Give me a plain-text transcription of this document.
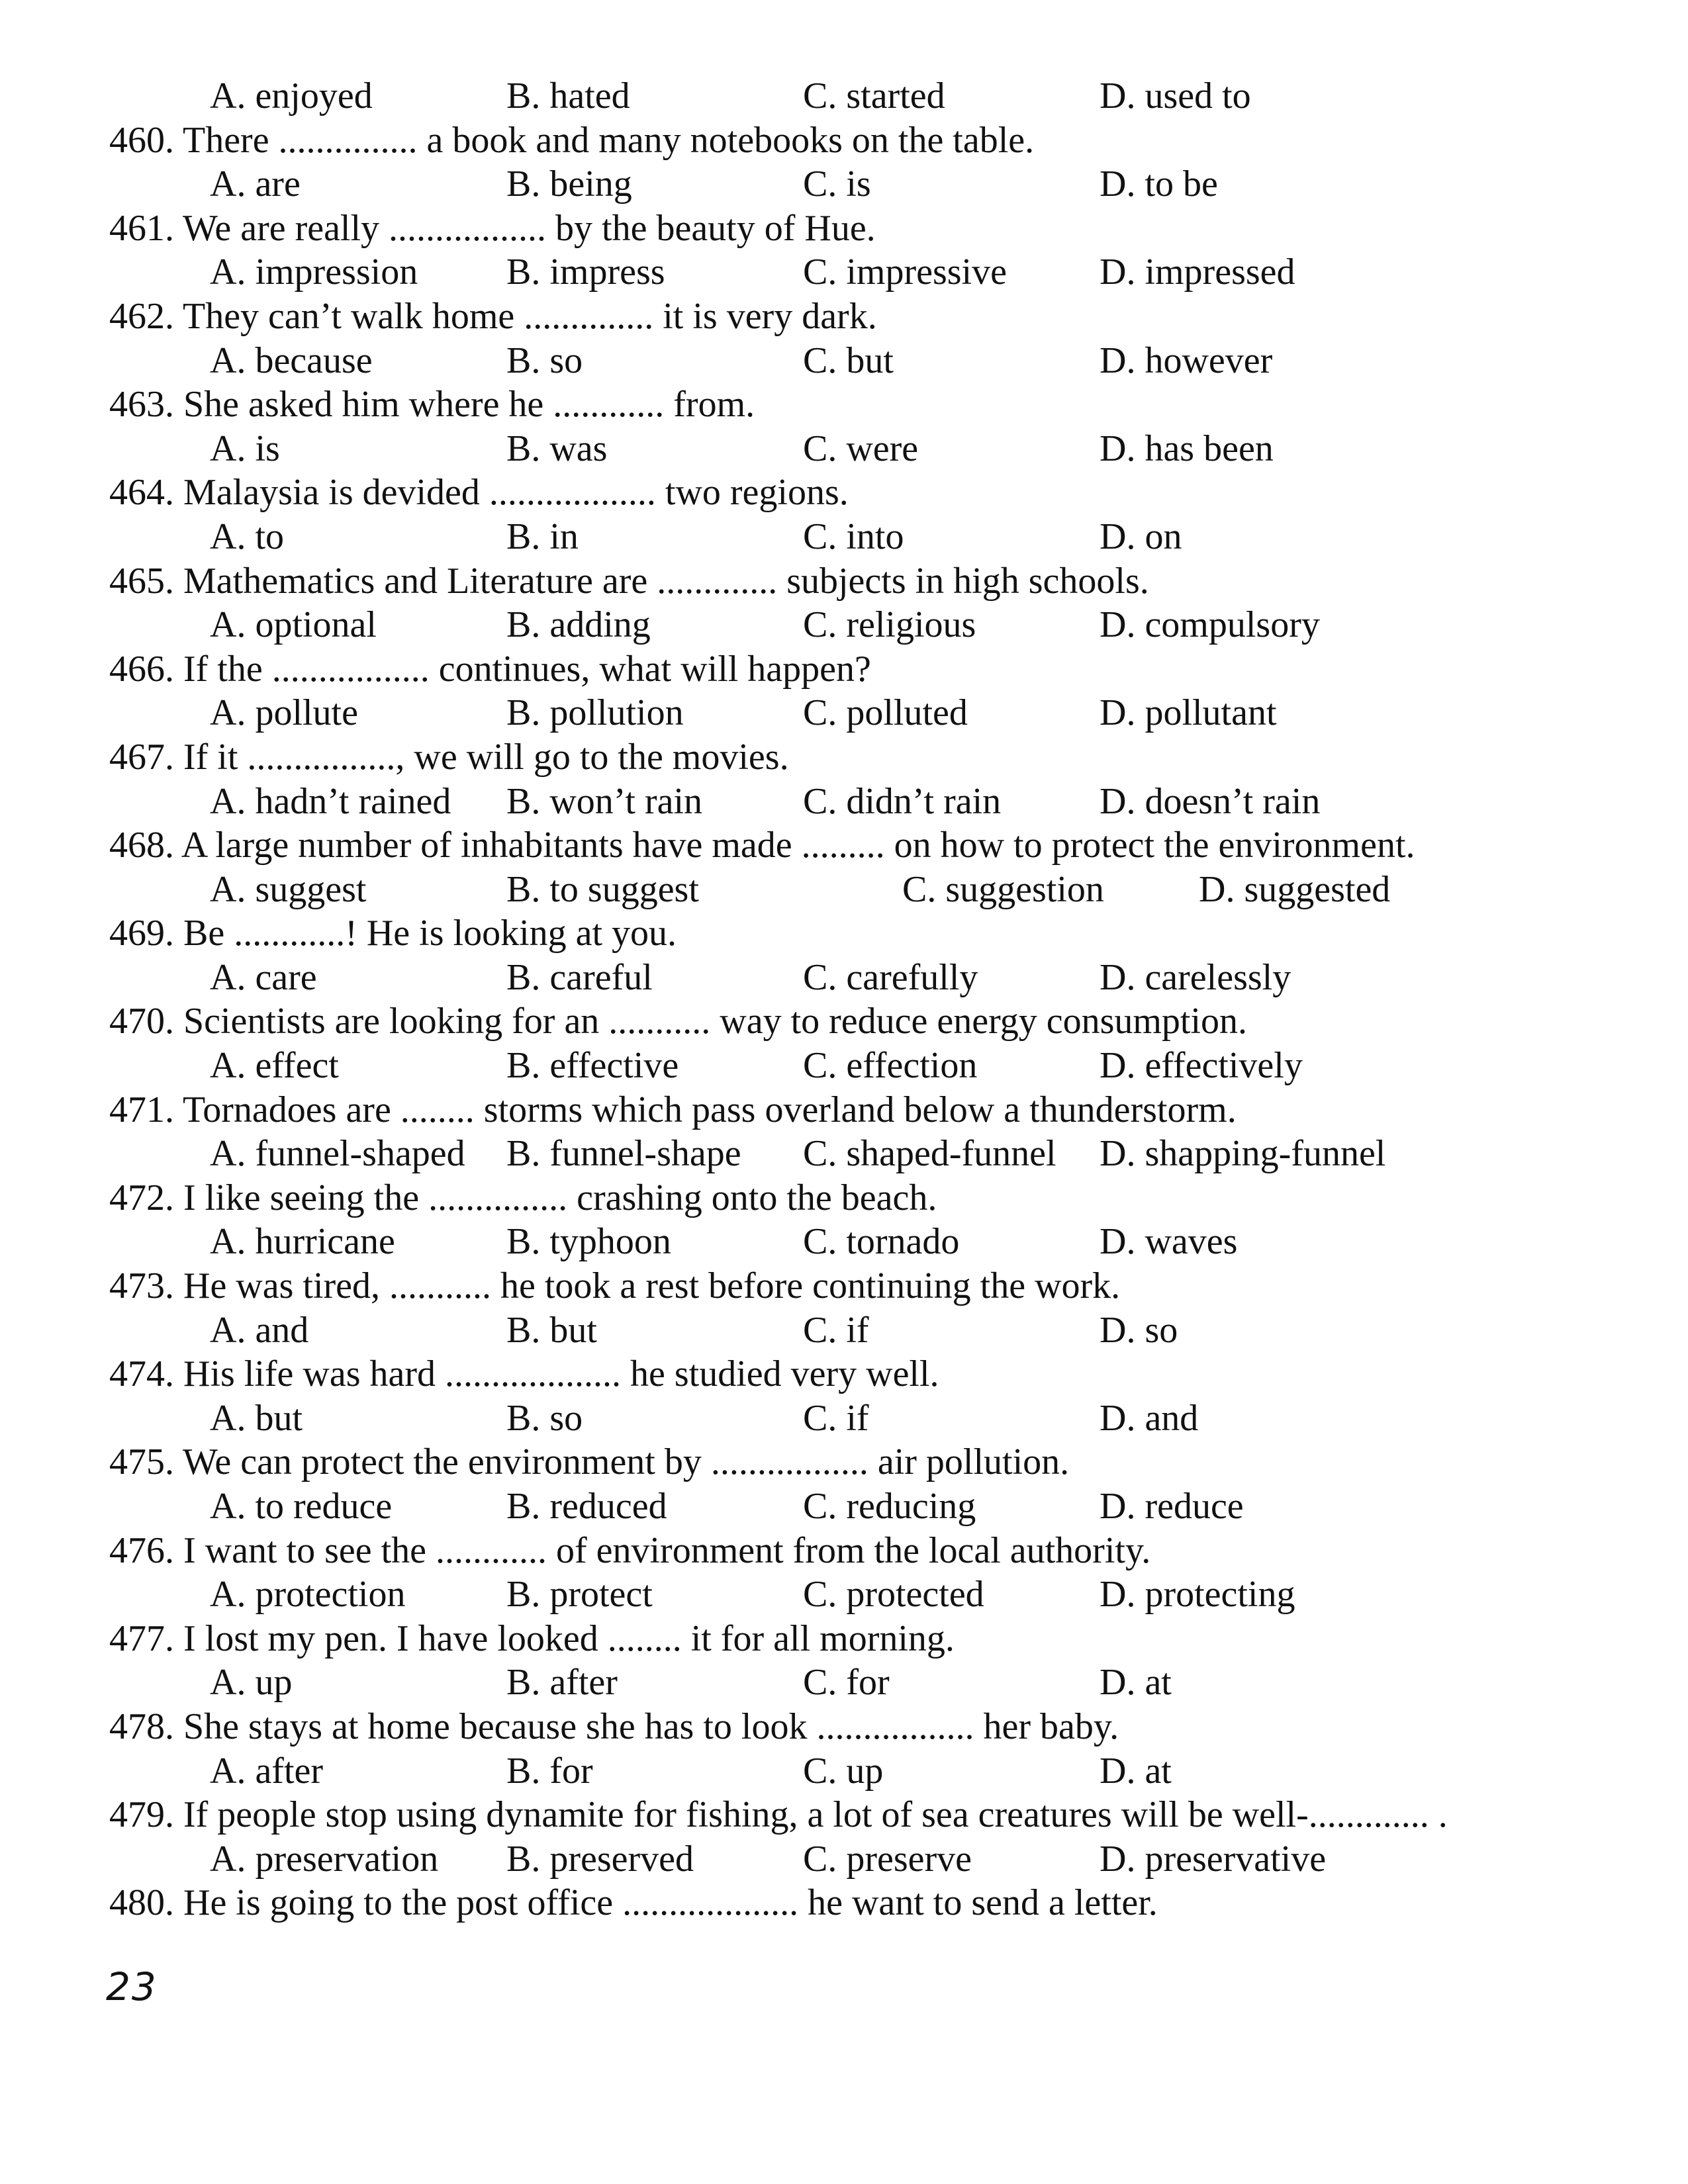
A. enjoyed	B. hated	C. started	D. used to
460. There ............... a book and many notebooks on the table.
A. are	B. being	C. is	D. to be
461. We are really ................. by the beauty of Hue.
A. impression B. impress	C. impressive	D. impressed
462. They can’t walk home .............. it is very dark.
A. because	B. so	C. but	D. however
463. She asked him where he ............ from.
A. is	B. was	C. were	D. has been
464. Malaysia is devided .................. two regions.
A. to	B. in	C. into	D. on
465. Mathematics and Literature are ............. subjects in high schools.
A. optional	B. adding	C. religious	D. compulsory
466. If the ................. continues, what will happen?
A. pollute	B. pollution	C. polluted	D. pollutant
467. If it ................, we will go to the movies.
A. hadn’t rained B. won’t rain	C. didn’t rain	D. doesn’t rain
468. A large number of inhabitants have made ......... on how to protect the environment.
A. suggest	B. to suggest	C. suggestion	D. suggested
469. Be ............! He is looking at you.
A. care	B. careful	C. carefully	D. carelessly
470. Scientists are looking for an ........... way to reduce energy consumption.
A. effect	B. effective	C. effection	D. effectively
471. Tornadoes are ........ storms which pass overland below a thunderstorm.
A. funnel-shaped B. funnel-shape C. shaped-funnel D. shapping-funnel
472. I like seeing the ............... crashing onto the beach.
A. hurricane	B. typhoon	C. tornado	D. waves
473. He was tired, ........... he took a rest before continuing the work.
A. and	B. but	C. if	D. so
474. His life was hard ................... he studied very well.
A. but	B. so	C. if	D. and
475. We can protect the environment by ................. air pollution.
A. to reduce	B. reduced	C. reducing	D. reduce
476. I want to see the ............ of environment from the local authority.
A. protection	B. protect	C. protected	D. protecting
477. I lost my pen. I have looked ........ it for all morning.
A. up	B. after	C. for	D. at
478. She stays at home because she has to look ................. her baby.
A. after	B. for	C. up	D. at
479. If people stop using dynamite for fishing, a lot of sea creatures will be well-............. .
A. preservation B. preserved	C. preserve	D. preservative
480. He is going to the post office ................... he want to send a letter.
23
